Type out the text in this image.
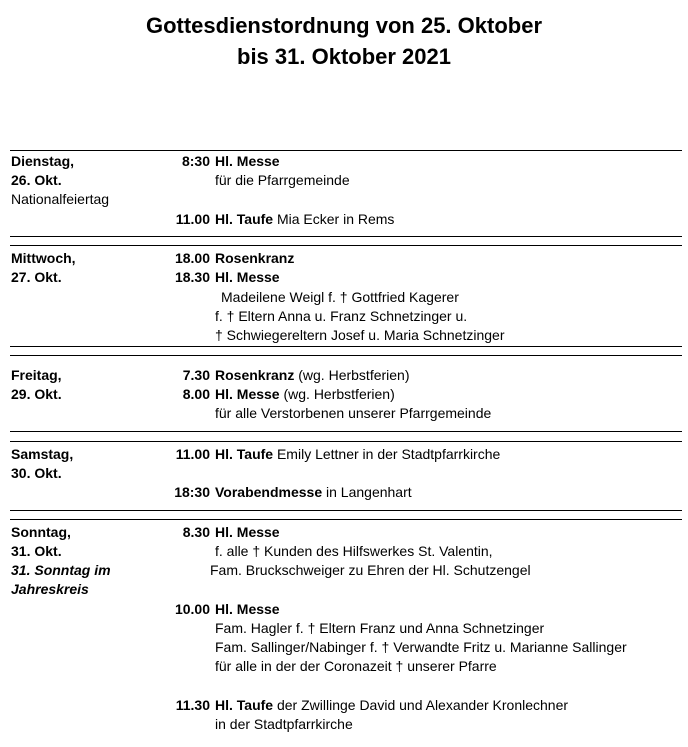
Gottesdienstordnung von 25. Oktober
bis 31. Oktober 2021
Dienstag,
26. Okt.
Nationalfeiertag
8:30 Hl. Messe
für die Pfarrgemeinde
11.00 Hl. Taufe Mia Ecker in Rems
Mittwoch,
27. Okt.
18.00 Rosenkranz
18.30 Hl. Messe
Madeilene Weigl f. † Gottfried Kagerer
f. † Eltern Anna u. Franz Schnetzinger u.
† Schwiegereltern Josef u. Maria Schnetzinger
Freitag,
29. Okt.
7.30 Rosenkranz (wg. Herbstferien)
8.00 Hl. Messe (wg. Herbstferien)
für alle Verstorbenen unserer Pfarrgemeinde
Samstag,
30. Okt.
11.00 Hl. Taufe Emily Lettner in der Stadtpfarrkirche
18:30 Vorabendmesse in Langenhart
Sonntag,
31. Okt.
31. Sonntag im
Jahreskreis
8.30 Hl. Messe
f. alle † Kunden des Hilfswerkes St. Valentin,
Fam. Bruckschweiger zu Ehren der Hl. Schutzengel
10.00 Hl. Messe
Fam. Hagler f. † Eltern Franz und Anna Schnetzinger
Fam. Sallinger/Nabinger f. † Verwandte Fritz u. Marianne Sallinger
für alle in der der Coronazeit † unserer Pfarre
11.30 Hl. Taufe der Zwillinge David und Alexander Kronlechner
in der Stadtpfarrkirche
